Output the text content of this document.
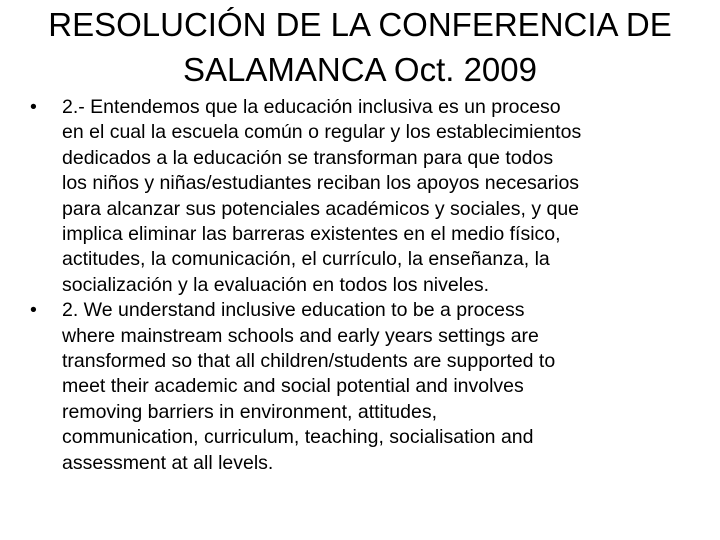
RESOLUCIÓN DE LA CONFERENCIA DE
SALAMANCA Oct. 2009
•	2.- Entendemos que la educación inclusiva es un proceso
en el cual la escuela común o regular y los establecimientos
dedicados a la educación se transforman para que todos
los niños y niñas/estudiantes reciban los apoyos necesarios
para alcanzar sus potenciales académicos y sociales, y que
implica eliminar las barreras existentes en el medio físico,
actitudes, la comunicación, el currículo, la enseñanza, la
socialización y la evaluación en todos los niveles.
•	2. We understand inclusive education to be a process
where mainstream schools and early years settings are
transformed so that all children/students are supported to
meet their academic and social potential and involves
removing barriers in environment, attitudes,
communication, curriculum, teaching, socialisation and
assessment at all levels.
